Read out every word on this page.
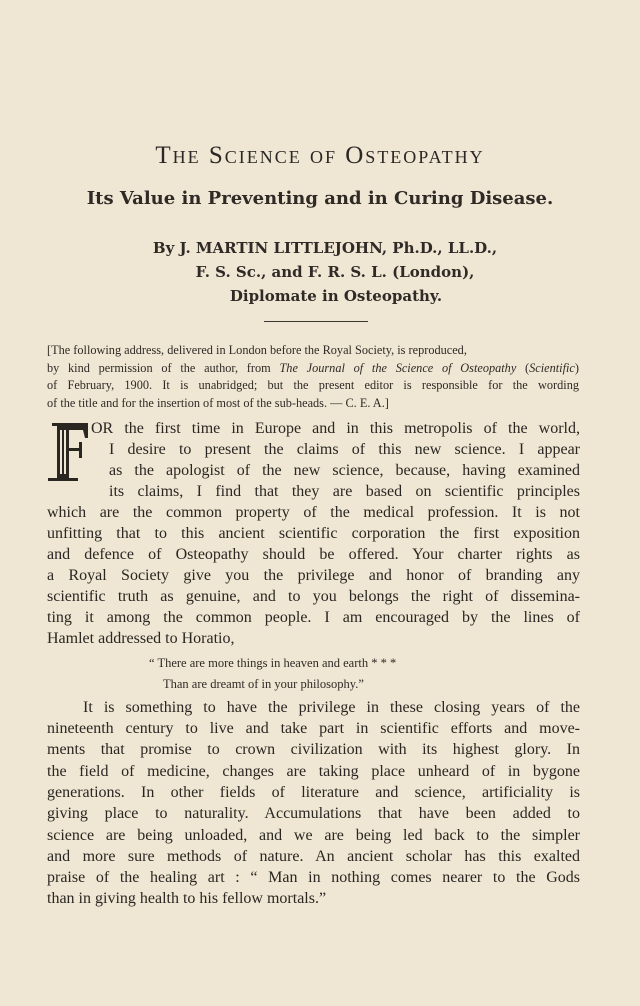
The Science of Osteopathy
Its Value in Preventing and in Curing Disease.
By J. MARTIN LITTLEJOHN, Ph.D., LL.D.,
F. S. Sc., and F. R. S. L. (London),
Diplomate in Osteopathy.
[The following address, delivered in London before the Royal Society, is reproduced,
by kind permission of the author, from The Journal of the Science of Osteopathy (Scientific)
of February, 1900. It is unabridged; but the present editor is responsible for the wording
of the title and for the insertion of most of the sub-heads. — C. E. A.]
F
OR the first time in Europe and in this metropolis of the world,
I desire to present the claims of this new science. I appear
as the apologist of the new science, because, having examined
its claims, I find that they are based on scientific principles
which are the common property of the medical profession. It is not
unfitting that to this ancient scientific corporation the first exposition
and defence of Osteopathy should be offered. Your charter rights as
a Royal Society give you the privilege and honor of branding any
scientific truth as genuine, and to you belongs the right of dissemina-
ting it among the common people. I am encouraged by the lines of
Hamlet addressed to Horatio,
“ There are more things in heaven and earth * * *
Than are dreamt of in your philosophy.”
It is something to have the privilege in these closing years of the
nineteenth century to live and take part in scientific efforts and move-
ments that promise to crown civilization with its highest glory. In
the field of medicine, changes are taking place unheard of in bygone
generations. In other fields of literature and science, artificiality is
giving place to naturality. Accumulations that have been added to
science are being unloaded, and we are being led back to the simpler
and more sure methods of nature. An ancient scholar has this exalted
praise of the healing art : “ Man in nothing comes nearer to the Gods
than in giving health to his fellow mortals.”
